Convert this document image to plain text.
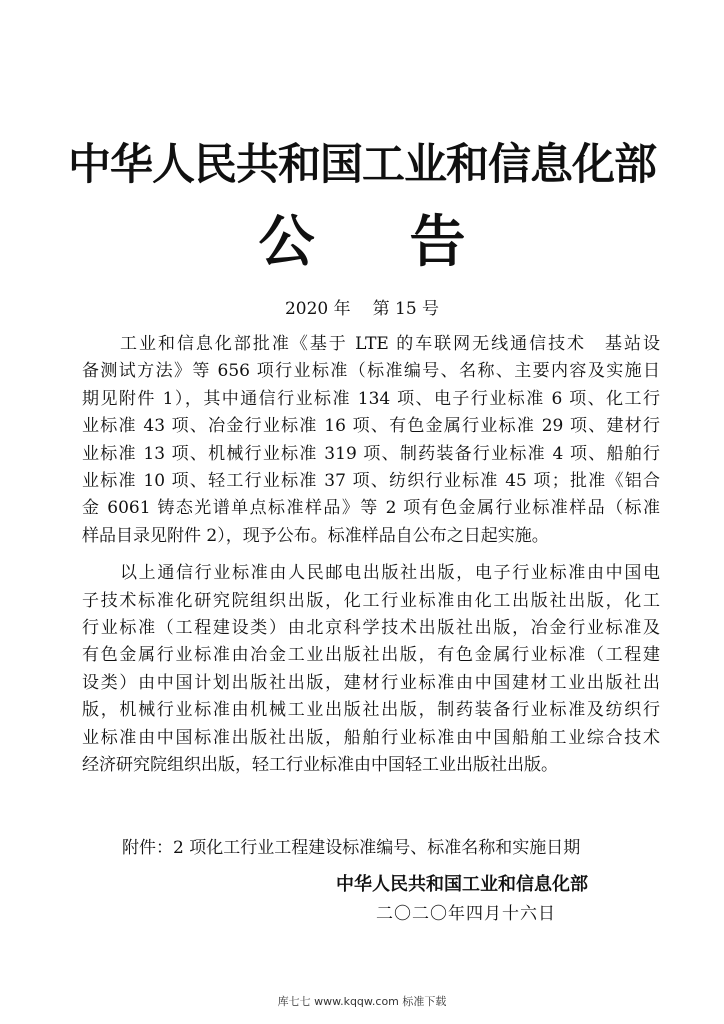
中华人民共和国工业和信息化部
公 告
2020 年 第 15 号
工业和信息化部批准《基于 LTE 的车联网无线通信技术　基站设
备测试方法》等 656 项行业标准（标准编号、名称、主要内容及实施日
期见附件 1），其中通信行业标准 134 项、电子行业标准 6 项、化工行
业标准 43 项、冶金行业标准 16 项、有色金属行业标准 29 项、建材行
业标准 13 项、机械行业标准 319 项、制药装备行业标准 4 项、船舶行
业标准 10 项、轻工行业标准 37 项、纺织行业标准 45 项；批准《铝合
金 6061 铸态光谱单点标准样品》等 2 项有色金属行业标准样品（标准
样品目录见附件 2），现予公布。标准样品自公布之日起实施。
以上通信行业标准由人民邮电出版社出版，电子行业标准由中国电
子技术标准化研究院组织出版，化工行业标准由化工出版社出版，化工
行业标准（工程建设类）由北京科学技术出版社出版，冶金行业标准及
有色金属行业标准由冶金工业出版社出版，有色金属行业标准（工程建
设类）由中国计划出版社出版，建材行业标准由中国建材工业出版社出
版，机械行业标准由机械工业出版社出版，制药装备行业标准及纺织行
业标准由中国标准出版社出版，船舶行业标准由中国船舶工业综合技术
经济研究院组织出版，轻工行业标准由中国轻工业出版社出版。
附件：2 项化工行业工程建设标准编号、标准名称和实施日期
中华人民共和国工业和信息化部
二〇二〇年四月十六日
库七七 www.kqqw.com 标准下载
